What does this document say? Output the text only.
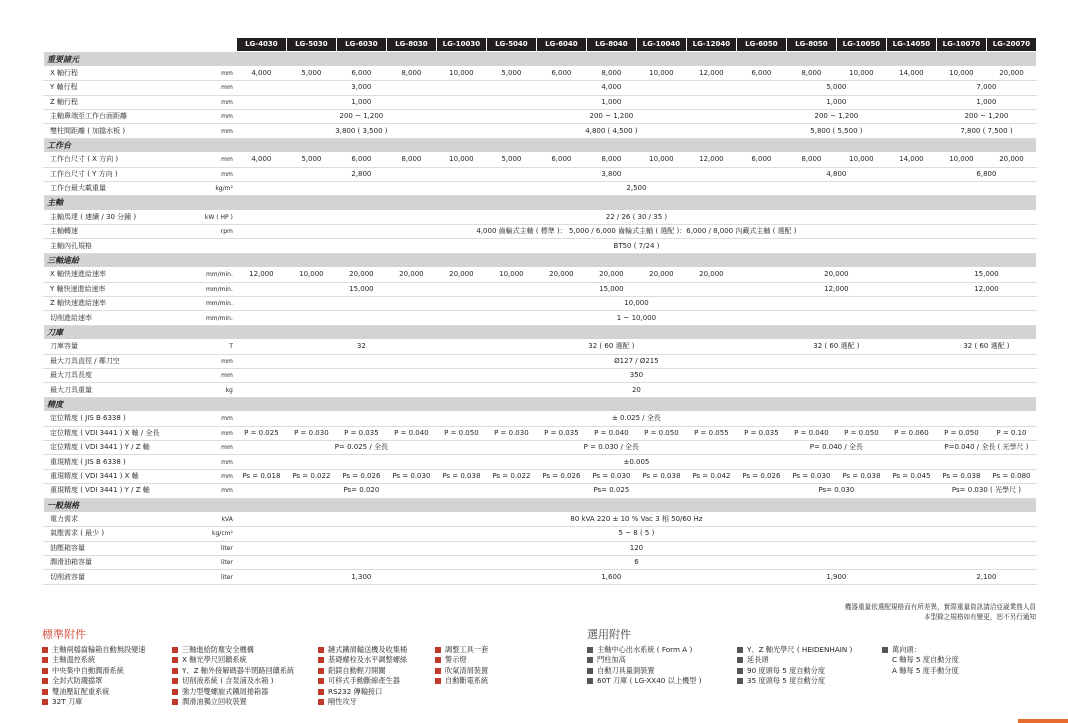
		LG-4030	LG-5030	LG-6030	LG-8030	LG-10030	LG-5040	LG-6040	LG-8040	LG-10040	LG-12040	LG-6050	LG-8050	LG-10050	LG-14050	LG-10070	LG-20070
重要諸元																	
X 軸行程	mm	4,000	5,000	6,000	8,000	10,000	5,000	6,000	8,000	10,000	12,000	6,000	8,000	10,000	14,000	10,000	20,000
Y 軸行程	mm	3,000					4,000					5,000				7,000	
Z 軸行程	mm	1,000					1,000					1,000				1,000	
主軸鼻端至工作台面距離	mm	200 ~ 1,200					200 ~ 1,200					200 ~ 1,200				200 ~ 1,200	
雙柱間距離 ( 加擋水板 )	mm	3,800 ( 3,500 )					4,800 ( 4,500 )					5,800 ( 5,500 )				7,800 ( 7,500 )	
工作台																	
工作台尺寸 ( X 方向 )	mm	4,000	5,000	6,000	8,000	10,000	5,000	6,000	8,000	10,000	12,000	6,000	8,000	10,000	14,000	10,000	20,000
工作台尺寸 ( Y 方向 )	mm	2,800					3,800					4,800				6,800	
工作台最大載重量	kg/m²	2,500															
主軸																	
主軸馬達 ( 連續 / 30 分鐘 )	kW ( HP )	22 / 26 ( 30 / 35 )															
主軸轉速	rpm	4,000 齒輪式主軸 ( 標準 )： 5,000 / 6,000 齒輪式主軸 ( 選配 )：6,000 / 8,000 內藏式主軸 ( 選配 )															
主軸內孔規格		BT50 ( 7/24 )															
三軸進給																	
X 軸快速進給速率	mm/min.	12,000	10,000	20,000	20,000	20,000	10,000	20,000	20,000	20,000	20,000	20,000				15,000	
Y 軸快速進給速率	mm/min.	15,000					15,000					12,000				12,000	
Z 軸快速進給速率	mm/min.	10,000															
切削進給速率	mm/min.	1 ~ 10,000															
刀庫																	
刀庫容量	T	32					32 ( 60 選配 )					32 ( 60 選配 )				32 ( 60 選配 )	
最大刀具直徑 / 鄰刀空	mm	Ø127 / Ø215															
最大刀具長度	mm	350															
最大刀具重量	kg	20															
精度																	
定位精度 ( JIS B 6338 )	mm	± 0.025 / 全長															
定位精度 ( VDI 3441 ) X 軸 / 全長	mm	P = 0.025	P = 0.030	P = 0.035	P = 0.040	P = 0.050	P = 0.030	P = 0.035	P = 0.040	P = 0.050	P = 0.055	P = 0.035	P = 0.040	P = 0.050	P = 0.060	P = 0.050	P = 0.10
定位精度 ( VDI 3441 ) Y / Z 軸	mm	P= 0.025 / 全長					P = 0.030 / 全長					P= 0.040 / 全長				P=0.040 / 全長 ( 光學尺 )	
重現精度 ( JIS B 6338 )	mm	±0.005															
重現精度 ( VDI 3441 ) X 軸	mm	Ps = 0.018	Ps = 0.022	Ps = 0.026	Ps = 0.030	Ps = 0.038	Ps = 0.022	Ps = 0.026	Ps = 0.030	Ps = 0.038	Ps = 0.042	Ps = 0.026	Ps = 0.030	Ps = 0.038	Ps = 0.045	Ps = 0.038	Ps = 0.080
重現精度 ( VDI 3441 ) Y / Z 軸	mm	Ps= 0.020					Ps= 0.025					Ps= 0.030				Ps= 0.030 ( 光學尺 )	
一般規格																	
電力需求	kVA	80 kVA 220 ± 10 % Vac 3 相 50/60 Hz															
氣壓需求 ( 最少 )	kg/cm²	5 ~ 8 ( 5 )															
油壓箱容量	liter	120															
潤滑油箱容量	liter	6															
切削液容量	liter	1,300					1,600					1,900				2,100	
機器重量依選配規格而有所差異，實際重量資訊請洽亞崴業務人員
本型錄之規格如有變更，恕不另行通知
標準附件	選用附件
主軸兩檔齒輪箱自動無段變速
主軸溫控系統
中央集中自動潤滑系統
全封式防濺擋罩
雙油壓缸配重系統
32T 刀庫
三軸進給防塵安全機構
X 軸光學尺回饋系統
Y、Z 軸外接解碼器半閉路回饋系統
切削液系統 ( 含泵浦及水箱 )
強力型雙螺旋式鐵屑捲箱器
潤滑油獨立回收裝置
鏈式鐵屑輸送機及收集桶
基礎螺栓及水平調整螺絲
鋁鎂自動輕刀開關
可移式手動斷線產生器
RS232 傳輸接口
剛性攻牙
調整工具一套
警示燈
吹氣清屑裝置
自動斷電系統
主軸中心出水系統 ( Form A )
門柱加高
自動刀具量測裝置
60T 刀庫 ( LG-XX40 以上機型 )
Y、Z 軸光學尺 ( HEIDENHAIN )
延長頭
90 度頭每 5 度自動分度
35 度頭每 5 度自動分度
萬向頭：
C 軸每 5 度自動分度
A 軸每 5 度手動分度
